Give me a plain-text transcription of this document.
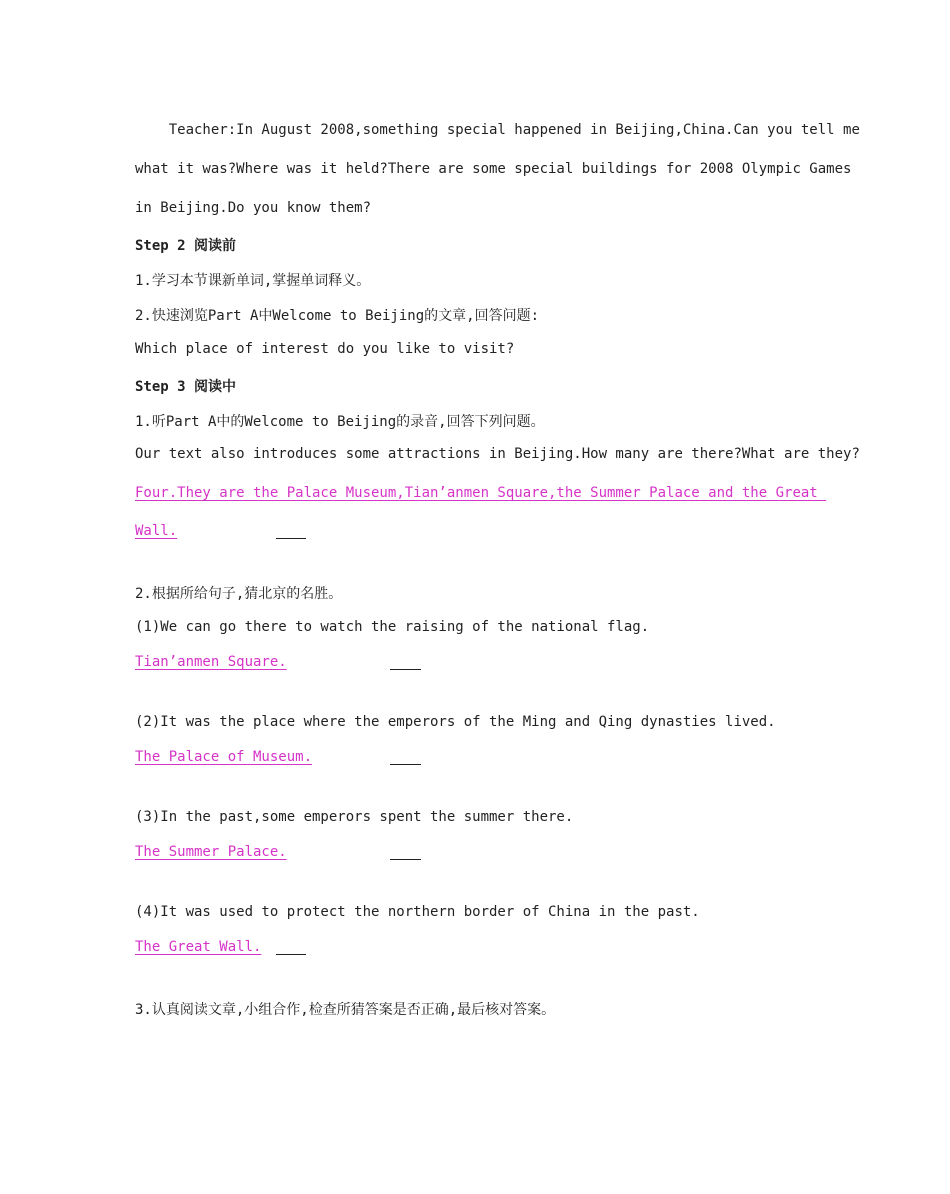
Teacher:In August 2008,something special happened in Beijing,China.Can you tell me
what it was?Where was it held?There are some special buildings for 2008 Olympic Games
in Beijing.Do you know them?
Step 2 阅读前
1.学习本节课新单词,掌握单词释义。
2.快速浏览Part A中Welcome to Beijing的文章,回答问题:
Which place of interest do you like to visit?
Step 3 阅读中
1.听Part A中的Welcome to Beijing的录音,回答下列问题。
Our text also introduces some attractions in Beijing.How many are there?What are they?
Four.They are the Palace Museum,Tian’anmen Square,the Summer Palace and the Great
Wall.
2.根据所给句子,猜北京的名胜。
(1)We can go there to watch the raising of the national flag.
Tian’anmen Square.
(2)It was the place where the emperors of the Ming and Qing dynasties lived.
The Palace of Museum.
(3)In the past,some emperors spent the summer there.
The Summer Palace.
(4)It was used to protect the northern border of China in the past.
The Great Wall.
3.认真阅读文章,小组合作,检查所猜答案是否正确,最后核对答案。
